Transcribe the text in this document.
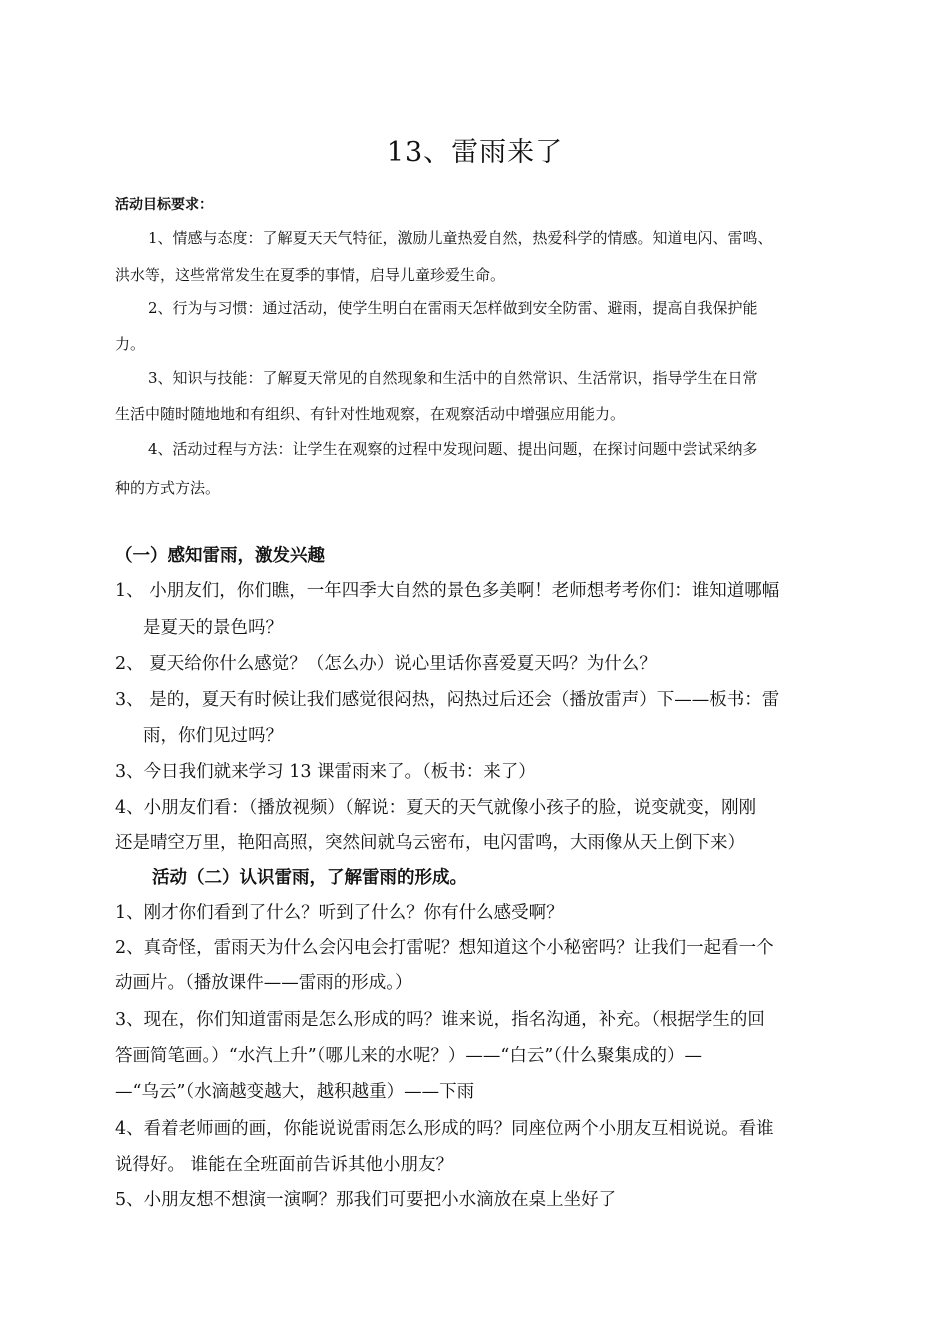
13、雷雨来了
活动目标要求：
1、情感与态度：了解夏天天气特征，激励儿童热爱自然，热爱科学的情感。知道电闪、雷鸣、
洪水等，这些常常发生在夏季的事情，启导儿童珍爱生命。
2、行为与习惯：通过活动，使学生明白在雷雨天怎样做到安全防雷、避雨，提高自我保护能
力。
3、知识与技能：了解夏天常见的自然现象和生活中的自然常识、生活常识，指导学生在日常
生活中随时随地地和有组织、有针对性地观察，在观察活动中增强应用能力。
4、活动过程与方法：让学生在观察的过程中发现问题、提出问题，在探讨问题中尝试采纳多
种的方式方法。
（一）感知雷雨，激发兴趣
1、 小朋友们，你们瞧，一年四季大自然的景色多美啊！老师想考考你们：谁知道哪幅
是夏天的景色吗？
2、 夏天给你什么感觉？（怎么办）说心里话你喜爱夏天吗？为什么？
3、 是的，夏天有时候让我们感觉很闷热，闷热过后还会（播放雷声）下——板书：雷
雨，你们见过吗？
3、今日我们就来学习 13 课雷雨来了。（板书：来了）
4、小朋友们看：（播放视频）（解说：夏天的天气就像小孩子的脸，说变就变，刚刚
还是晴空万里，艳阳高照，突然间就乌云密布，电闪雷鸣，大雨像从天上倒下来）
活动（二）认识雷雨，了解雷雨的形成。
1、刚才你们看到了什么？听到了什么？你有什么感受啊？
2、真奇怪，雷雨天为什么会闪电会打雷呢？想知道这个小秘密吗？让我们一起看一个
动画片。（播放课件——雷雨的形成。）
3、现在，你们知道雷雨是怎么形成的吗？谁来说，指名沟通，补充。（根据学生的回
答画简笔画。）“水汽上升”（哪儿来的水呢？）——“白云”（什么聚集成的）—
—“乌云”（水滴越变越大，越积越重）——下雨
4、看着老师画的画，你能说说雷雨怎么形成的吗？同座位两个小朋友互相说说。看谁
说得好。 谁能在全班面前告诉其他小朋友？
5、小朋友想不想演一演啊？那我们可要把小水滴放在桌上坐好了
